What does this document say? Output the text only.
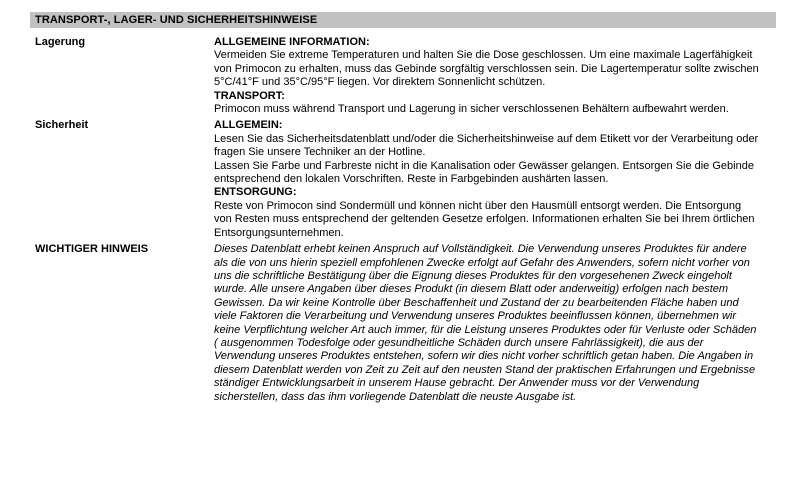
TRANSPORT-, LAGER- UND SICHERHEITSHINWEISE
Lagerung	ALLGEMEINE INFORMATION:

Vermeiden Sie extreme Temperaturen und halten Sie die Dose geschlossen. Um eine maximale Lagerfähigkeit von Primocon zu erhalten, muss das Gebinde sorgfältig verschlossen sein. Die Lagertemperatur sollte zwischen 5°C/41°F und 35°C/95°F liegen. Vor direktem Sonnenlicht schützen.

TRANSPORT:

Primocon muss während Transport und Lagerung in sicher verschlossenen Behältern aufbewahrt werden.

Sicherheit	ALLGEMEIN:

Lesen Sie das Sicherheitsdatenblatt und/oder die Sicherheitshinweise auf dem Etikett vor der Verarbeitung oder fragen Sie unsere Techniker an der Hotline.

Lassen Sie Farbe und Farbreste nicht in die Kanalisation oder Gewässer gelangen. Entsorgen Sie die Gebinde entsprechend den lokalen Vorschriften. Reste in Farbgebinden aushärten lassen.

ENTSORGUNG:

Reste von Primocon sind Sondermüll und können nicht über den Hausmüll entsorgt werden. Die Entsorgung von Resten muss entsprechend der geltenden Gesetze erfolgen. Informationen erhalten Sie bei Ihrem örtlichen Entsorgungsunternehmen.

WICHTIGER HINWEIS	Dieses Datenblatt erhebt keinen Anspruch auf Vollständigkeit. Die Verwendung unseres Produktes für andere als die von uns hierin speziell empfohlenen Zwecke erfolgt auf Gefahr des Anwenders, sofern nicht vorher von uns die schriftliche Bestätigung über die Eignung dieses Produktes für den vorgesehenen Zweck eingeholt wurde. Alle unsere Angaben über dieses Produkt (in diesem Blatt oder anderweitig) erfolgen nach bestem Gewissen. Da wir keine Kontrolle über Beschaffenheit und Zustand der zu bearbeitenden Fläche haben und viele Faktoren die Verarbeitung und Verwendung unseres Produktes beeinflussen können, übernehmen wir keine Verpflichtung welcher Art auch immer, für die Leistung unseres Produktes oder für Verluste oder Schäden ( ausgenommen Todesfolge oder gesundheitliche Schäden durch unsere Fahrlässigkeit), die aus der Verwendung unseres Produktes entstehen, sofern wir dies nicht vorher schriftlich getan haben. Die Angaben in diesem Datenblatt werden von Zeit zu Zeit auf den neusten Stand der praktischen Erfahrungen und Ergebnisse ständiger Entwicklungsarbeit in unserem Hause gebracht. Der Anwender muss vor der Verwendung sicherstellen, dass das ihm vorliegende Datenblatt die neuste Ausgabe ist.
